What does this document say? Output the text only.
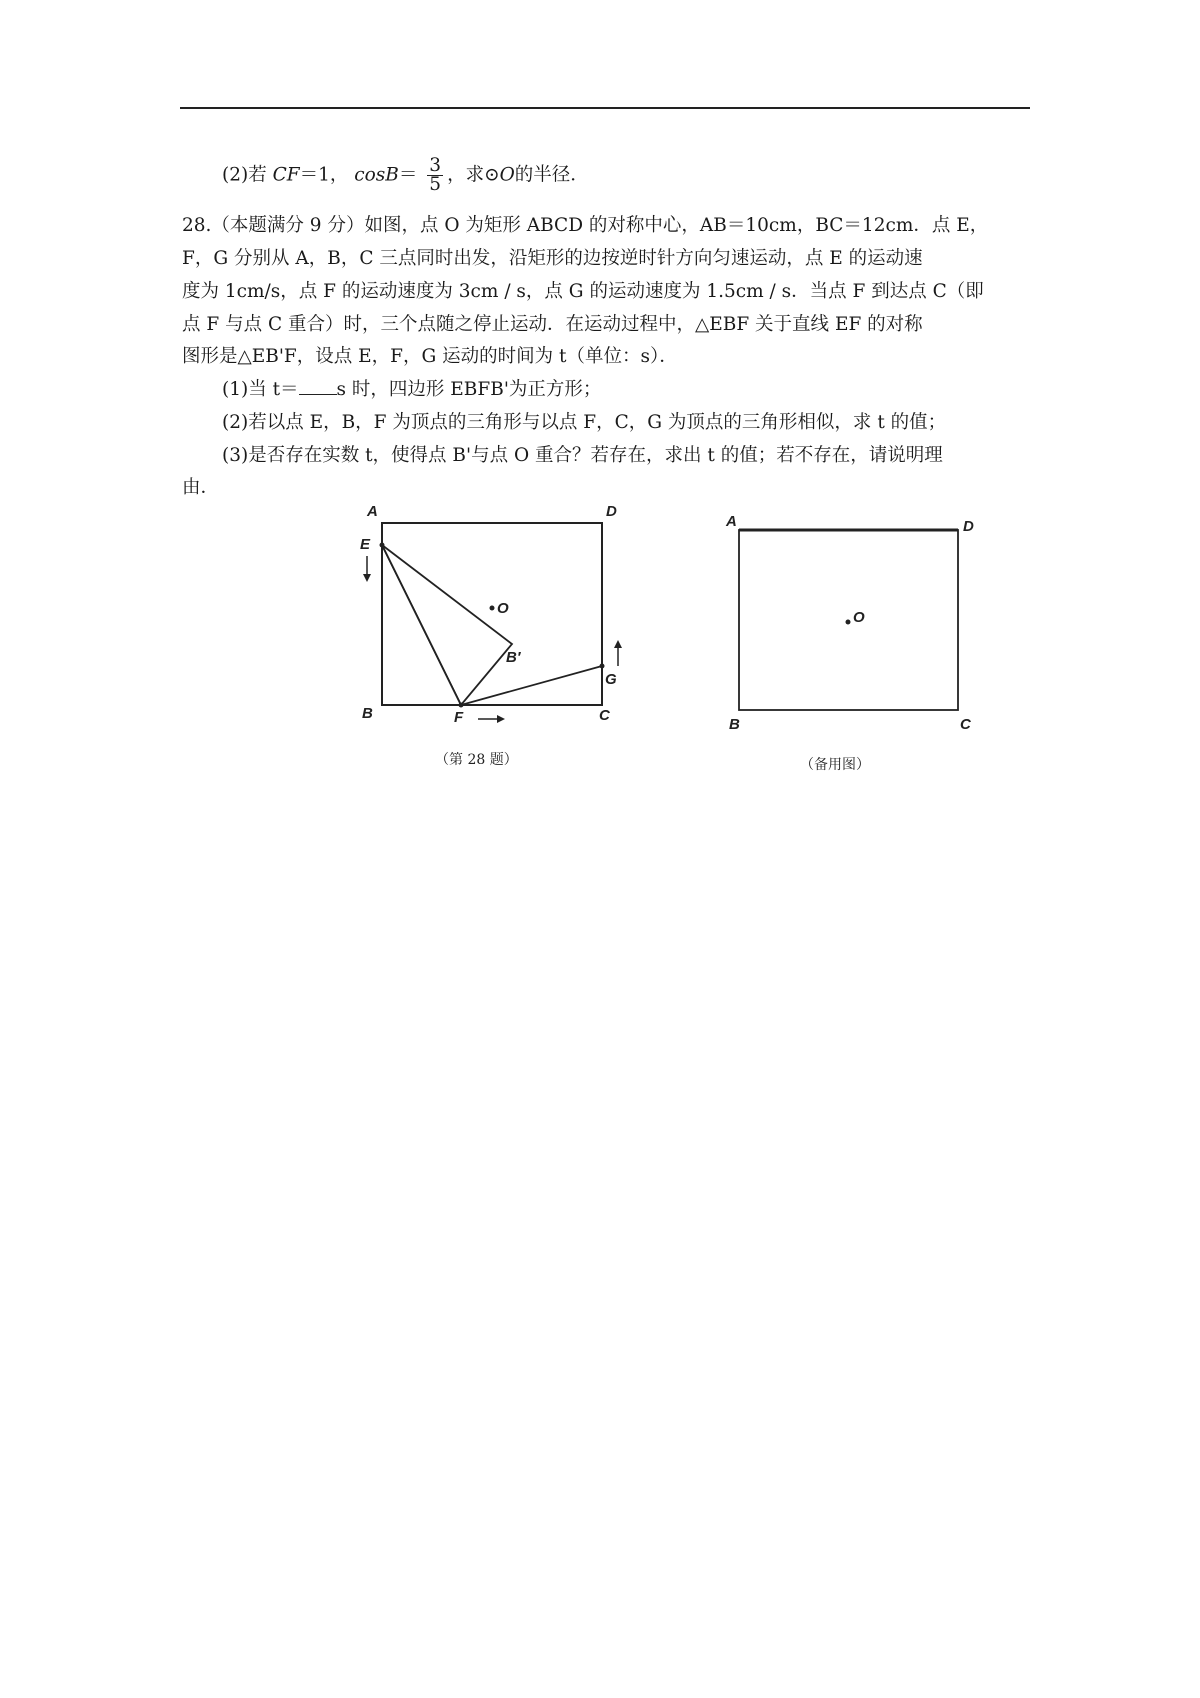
(2)若 CF＝1， $\cos B= \frac{3}{5}$ ，求⊙O的半径．
28.（本题满分 9 分）如图，点 O 为矩形 ABCD 的对称中心，AB＝10cm，BC＝12cm．点 E，
F，G 分别从 A，B，C 三点同时出发，沿矩形的边按逆时针方向匀速运动，点 E 的运动速
度为 1cm/s，点 F 的运动速度为 3cm / s，点 G 的运动速度为 1.5cm / s．当点 F 到达点 C（即
点 F 与点 C 重合）时，三个点随之停止运动．在运动过程中，△EBF 关于直线 EF 的对称
图形是△EB'F，设点 E，F，G 运动的时间为 t（单位：s）．
(1)当 t＝ s 时，四边形 EBFB'为正方形；
(2)若以点 E，B，F 为顶点的三角形与以点 F，C，G 为顶点的三角形相似，求 t 的值；
(3)是否存在实数 t，使得点 B'与点 O 重合？若存在，求出 t 的值；若不存在，请说明理
由．
A	D
E
O
B′
G
B	F	C
（第 28 题）
A	D
O
B	C
（备用图）
